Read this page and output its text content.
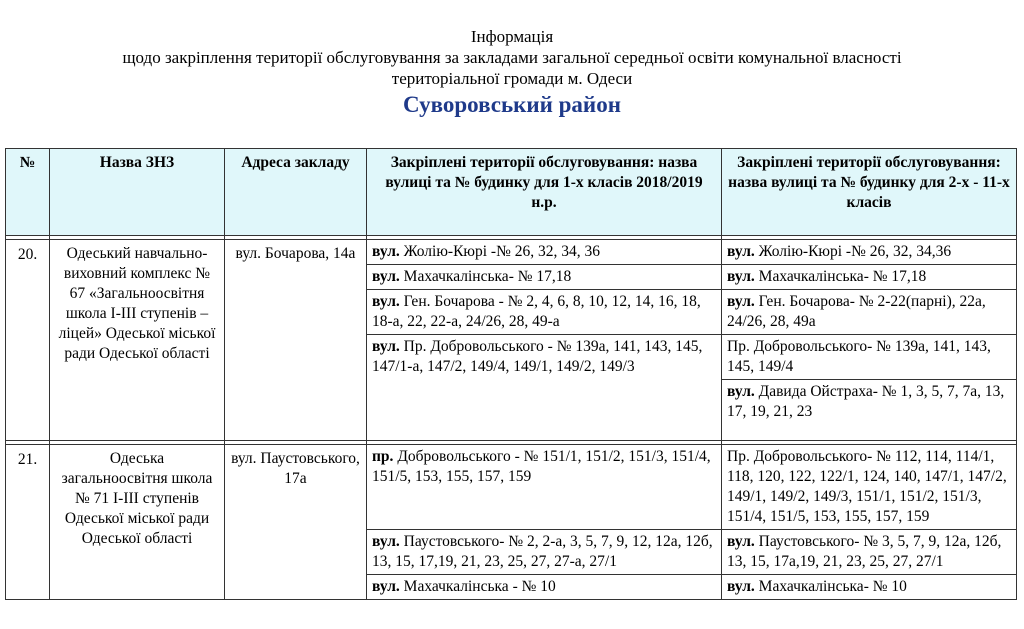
Інформація
щодо закріплення території обслуговування за закладами загальної середньої освіти комунальної власності
територіальної громади м. Одеси
Суворовський район
№	Назва ЗНЗ	Адреса закладу	Закріплені території обслуговування: назва вулиці та № будинку для 1-х класів 2018/2019 н.р.	Закріплені території обслуговування: назва вулиці та № будинку для 2-х - 11-х класів

20.	Одеський навчально-виховний комплекс № 67 «Загальноосвітня школа І-ІІІ ступенів – ліцей» Одеської міської ради Одеської області	вул. Бочарова, 14а	вул. Жолію-Кюрі -№ 26, 32, 34, 36	вул. Жолію-Кюрі -№ 26, 32, 34,36
			вул. Махачкалінська- № 17,18	вул. Махачкалінська- № 17,18
			вул. Ген. Бочарова - № 2, 4, 6, 8, 10, 12, 14, 16, 18, 18-а, 22, 22-а, 24/26, 28, 49-а	вул. Ген. Бочарова- № 2-22(парні), 22а, 24/26, 28, 49а
			вул. Пр. Добровольського - № 139а, 141, 143, 145, 147/1-а, 147/2, 149/4, 149/1, 149/2, 149/3	Пр. Добровольського- № 139а, 141, 143, 145, 149/4
				вул. Давида Ойстраха- № 1, 3, 5, 7, 7а, 13, 17, 19, 21, 23

21.	Одеська загальноосвітня школа № 71 І-ІІІ ступенів Одеської міської ради Одеської області	вул. Паустовського, 17а	пр. Добровольського - № 151/1, 151/2, 151/3, 151/4, 151/5, 153, 155, 157, 159	Пр. Добровольського- № 112, 114, 114/1, 118, 120, 122, 122/1, 124, 140, 147/1, 147/2, 149/1, 149/2, 149/3, 151/1, 151/2, 151/3, 151/4, 151/5, 153, 155, 157, 159
			вул. Паустовського- № 2, 2-а, 3, 5, 7, 9, 12, 12а, 12б, 13, 15, 17,19, 21, 23, 25, 27, 27-а, 27/1	вул. Паустовського- № 3, 5, 7, 9, 12а, 12б, 13, 15, 17а,19, 21, 23, 25, 27, 27/1
			вул. Махачкалінська - № 10	вул. Махачкалінська- № 10
